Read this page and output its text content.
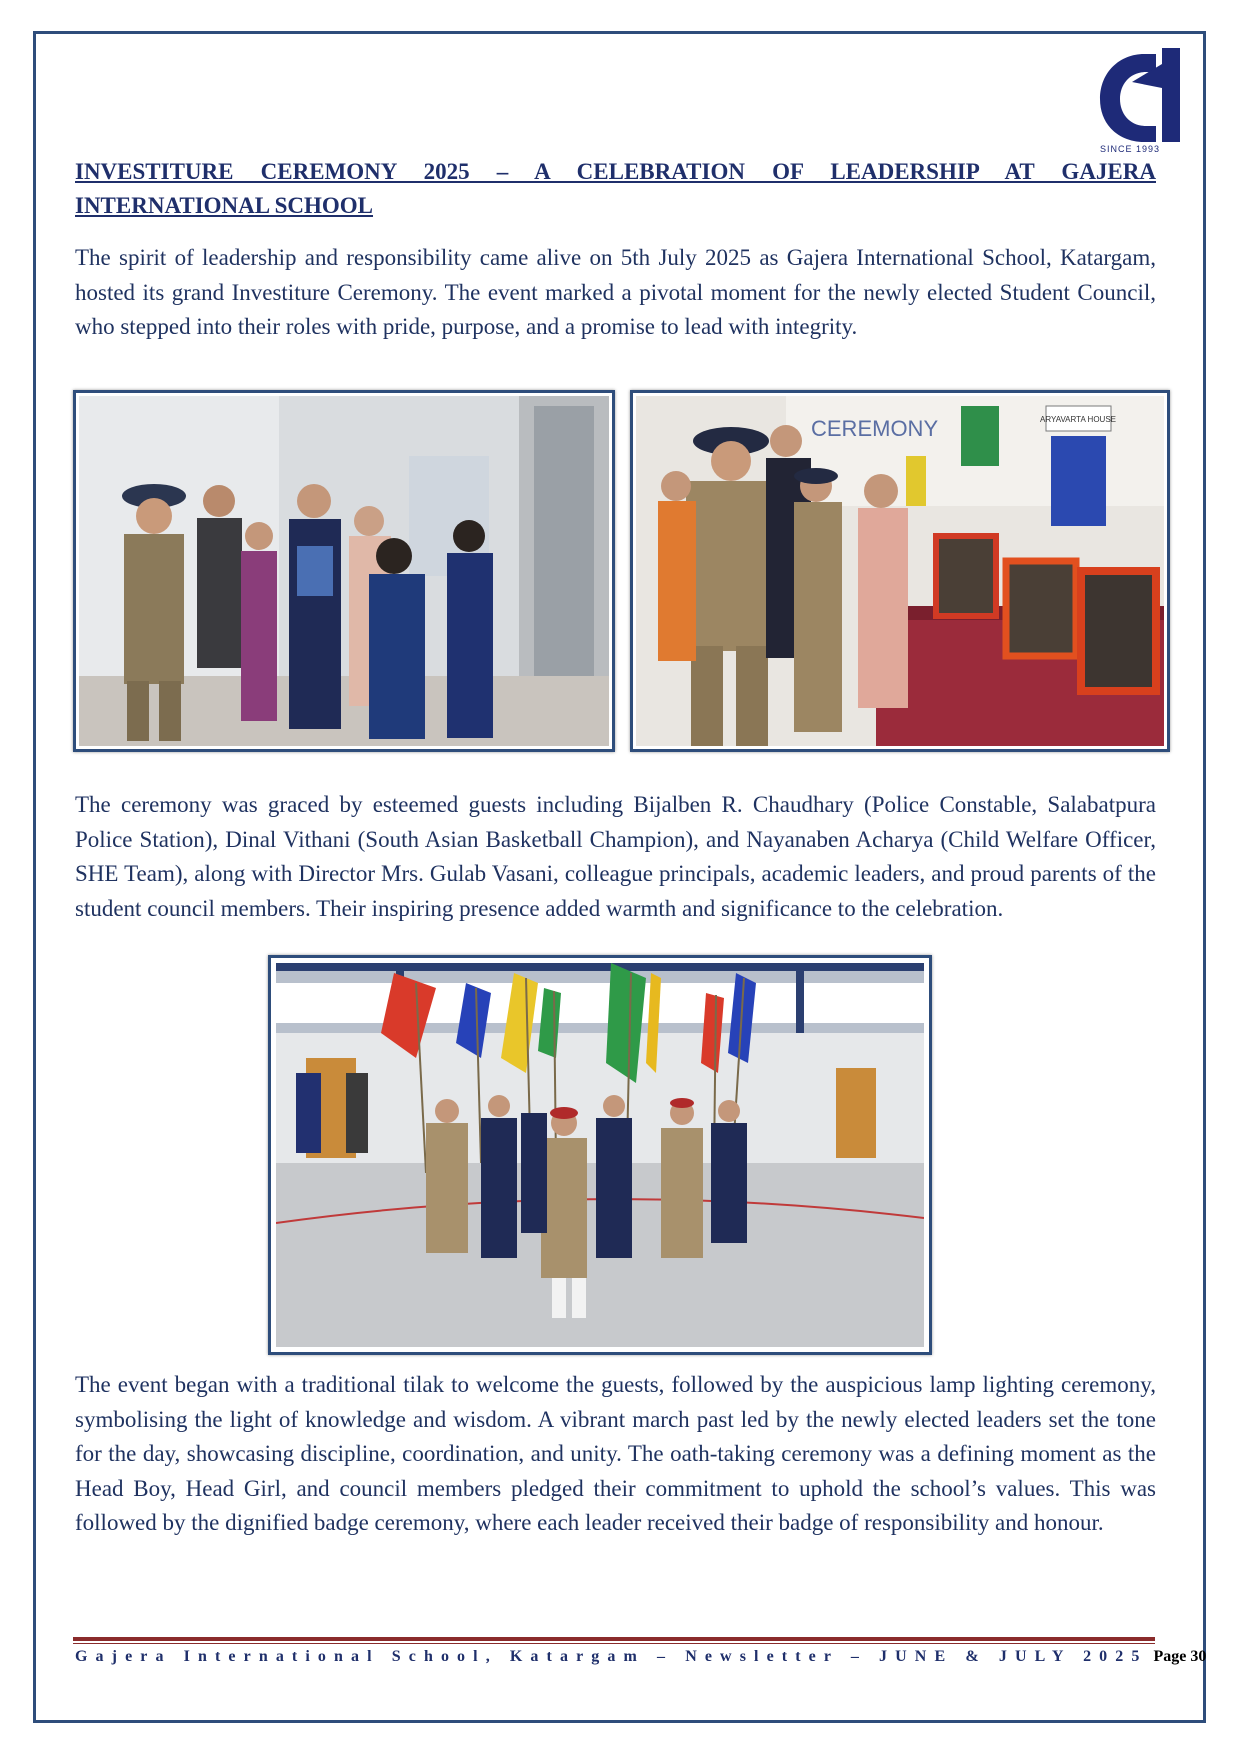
SINCE 1993
INVESTITURE CEREMONY 2025 – A CELEBRATION OF LEADERSHIP AT GAJERA INTERNATIONAL SCHOOL

The spirit of leadership and responsibility came alive on 5th July 2025 as Gajera International School, Katargam, hosted its grand Investiture Ceremony. The event marked a pivotal moment for the newly elected Student Council, who stepped into their roles with pride, purpose, and a promise to lead with integrity.

CEREMONY	ARYAVARTA HOUSE

The ceremony was graced by esteemed guests including Bijalben R. Chaudhary (Police Constable, Salabatpura Police Station), Dinal Vithani (South Asian Basketball Champion), and Nayanaben Acharya (Child Welfare Officer, SHE Team), along with Director Mrs. Gulab Vasani, colleague principals, academic leaders, and proud parents of the student council members. Their inspiring presence added warmth and significance to the celebration.

The event began with a traditional tilak to welcome the guests, followed by the auspicious lamp lighting ceremony, symbolising the light of knowledge and wisdom. A vibrant march past led by the newly elected leaders set the tone for the day, showcasing discipline, coordination, and unity. The oath-taking ceremony was a defining moment as the Head Boy, Head Girl, and council members pledged their commitment to uphold the school’s values. This was followed by the dignified badge ceremony, where each leader received their badge of responsibility and honour.

Gajera International School, Katargam – Newsletter – JUNE & JULY 2025 Page 30
